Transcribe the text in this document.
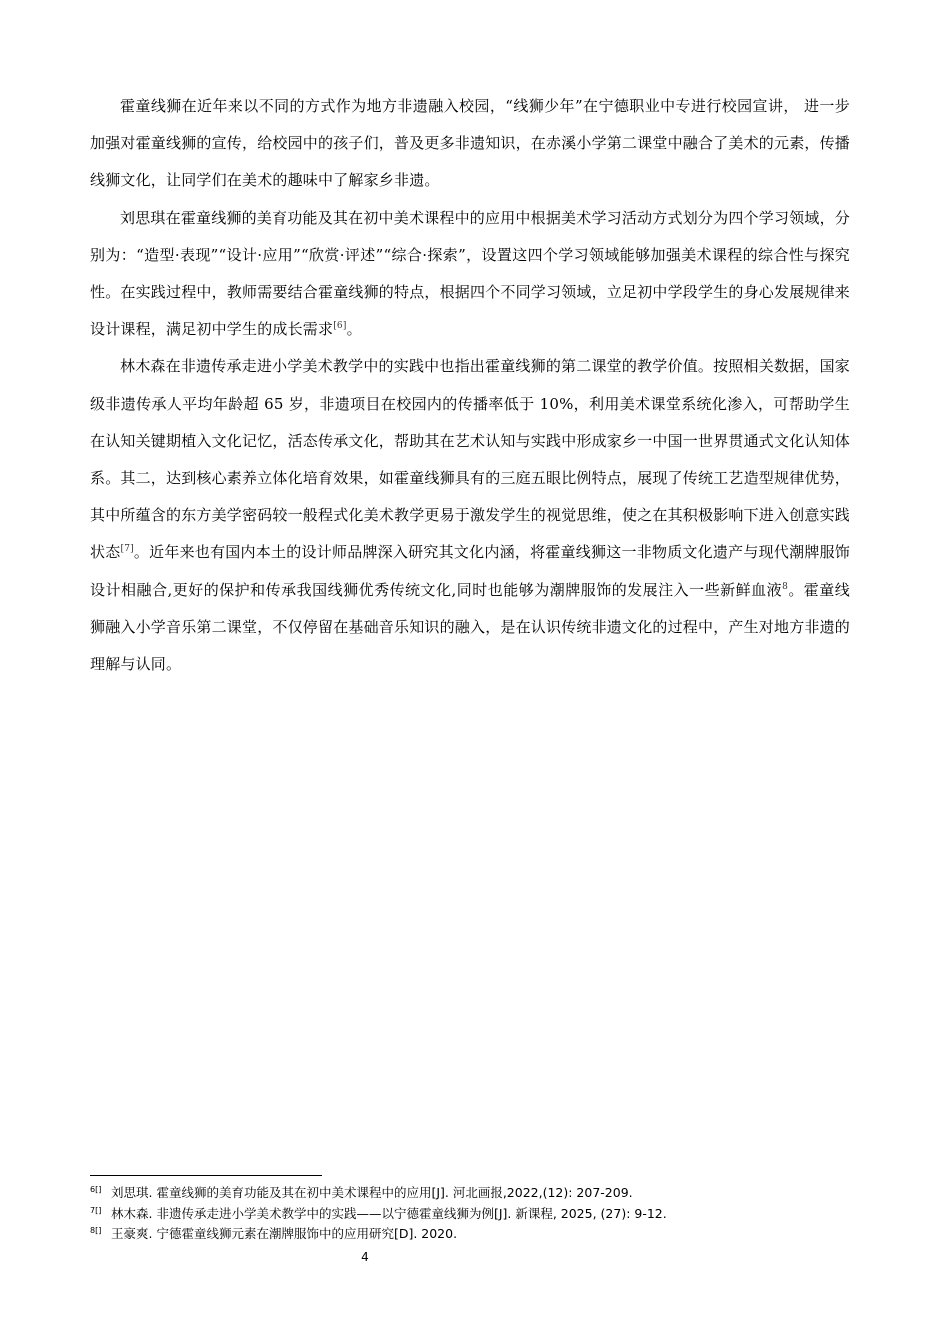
霍童线狮在近年来以不同的方式作为地方非遗融入校园，“线狮少年”在宁德职业中专进行校园宣讲， 进一步加强对霍童线狮的宣传，给校园中的孩子们，普及更多非遗知识，在赤溪小学第二课堂中融合了美术的元素，传播线狮文化，让同学们在美术的趣味中了解家乡非遗。

刘思琪在霍童线狮的美育功能及其在初中美术课程中的应用中根据美术学习活动方式划分为四个学习领域，分别为：“造型·表现”“设计·应用”“欣赏·评述”“综合·探索”，设置这四个学习领域能够加强美术课程的综合性与探究性。在实践过程中，教师需要结合霍童线狮的特点，根据四个不同学习领域，立足初中学段学生的身心发展规律来设计课程，满足初中学生的成长需求[6]。

林木森在非遗传承走进小学美术教学中的实践中也指出霍童线狮的第二课堂的教学价值。按照相关数据，国家级非遗传承人平均年龄超 65 岁，非遗项目在校园内的传播率低于 10%，利用美术课堂系统化渗入，可帮助学生在认知关键期植入文化记忆，活态传承文化，帮助其在艺术认知与实践中形成家乡一中国一世界贯通式文化认知体系。其二，达到核心素养立体化培育效果，如霍童线狮具有的三庭五眼比例特点，展现了传统工艺造型规律优势，其中所蕴含的东方美学密码较一般程式化美术教学更易于激发学生的视觉思维，使之在其积极影响下进入创意实践状态[7]。近年来也有国内本土的设计师品牌深入研究其文化内涵，将霍童线狮这一非物质文化遗产与现代潮牌服饰设计相融合,更好的保护和传承我国线狮优秀传统文化,同时也能够为潮牌服饰的发展注入一些新鲜血液$^8$。霍童线狮融入小学音乐第二课堂，不仅停留在基础音乐知识的融入，是在认识传统非遗文化的过程中，产生对地方非遗的理解与认同。

6[] 刘思琪. 霍童线狮的美育功能及其在初中美术课程中的应用[J]. 河北画报,2022,(12): 207-209.

7[] 林木森. 非遗传承走进小学美术教学中的实践——以宁德霍童线狮为例[J]. 新课程, 2025, (27): 9-12.

8[] 王豪爽. 宁德霍童线狮元素在潮牌服饰中的应用研究[D]. 2020.

4
